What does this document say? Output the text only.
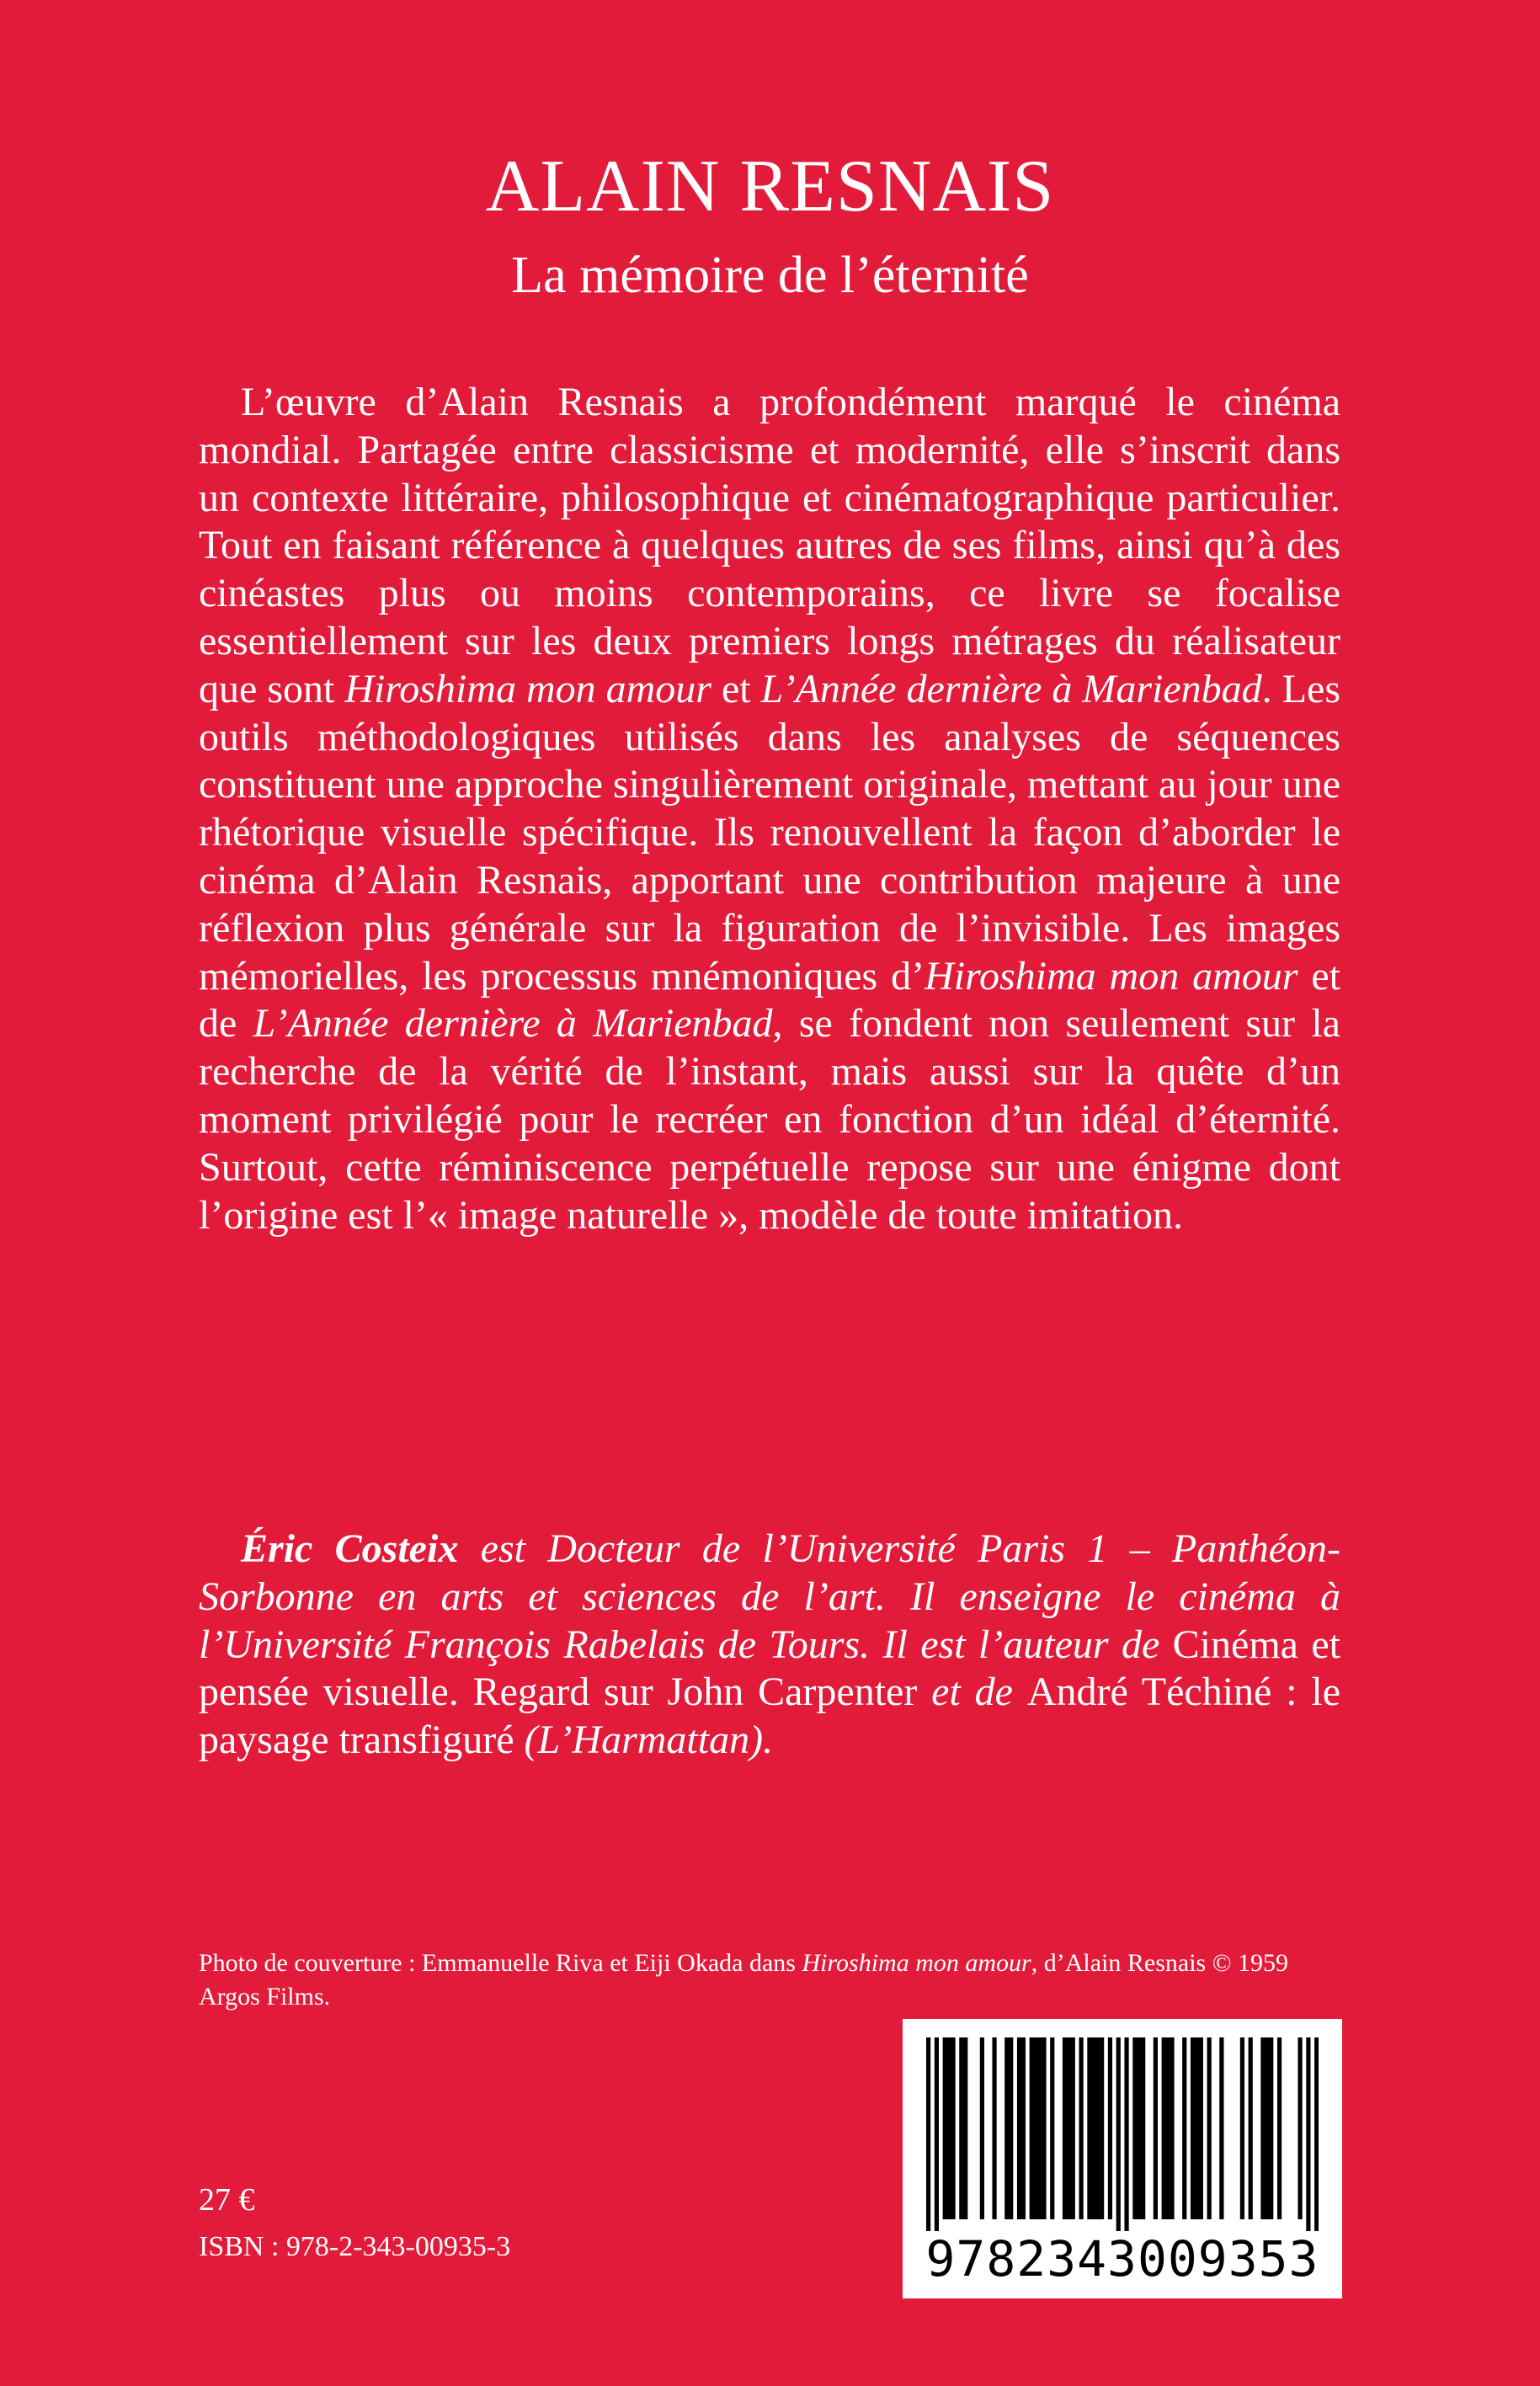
ALAIN RESNAIS
La mémoire de l’éternité

L’œuvre d’Alain Resnais a profondément marqué le cinéma mondial. Partagée entre classicisme et modernité, elle s’inscrit dans un contexte littéraire, philosophique et cinématographique particulier. Tout en faisant référence à quelques autres de ses films, ainsi qu’à des cinéastes plus ou moins contemporains, ce livre se focalise essentiellement sur les deux premiers longs métrages du réalisateur que sont Hiroshima mon amour et L’Année dernière à Marienbad. Les outils méthodologiques utilisés dans les analyses de séquences constituent une approche singulièrement originale, mettant au jour une rhétorique visuelle spécifique. Ils renouvellent la façon d’aborder le cinéma d’Alain Resnais, apportant une contribution majeure à une réflexion plus générale sur la figuration de l’invisible. Les images mémorielles, les processus mnémoniques d’Hiroshima mon amour et de L’Année dernière à Marienbad, se fondent non seulement sur la recherche de la vérité de l’instant, mais aussi sur la quête d’un moment privilégié pour le recréer en fonction d’un idéal d’éternité. Surtout, cette réminiscence perpétuelle repose sur une énigme dont l’origine est l’« image naturelle », modèle de toute imitation.

Éric Costeix est Docteur de l’Université Paris 1 – Panthéon-Sorbonne en arts et sciences de l’art. Il enseigne le cinéma à l’Université François Rabelais de Tours. Il est l’auteur de Cinéma et pensée visuelle. Regard sur John Carpenter et de André Téchiné : le paysage transfiguré (L’Harmattan).

Photo de couverture : Emmanuelle Riva et Eiji Okada dans Hiroshima mon amour, d’Alain Resnais © 1959 Argos Films.

27 €
ISBN : 978-2-343-00935-3	9782343009353
